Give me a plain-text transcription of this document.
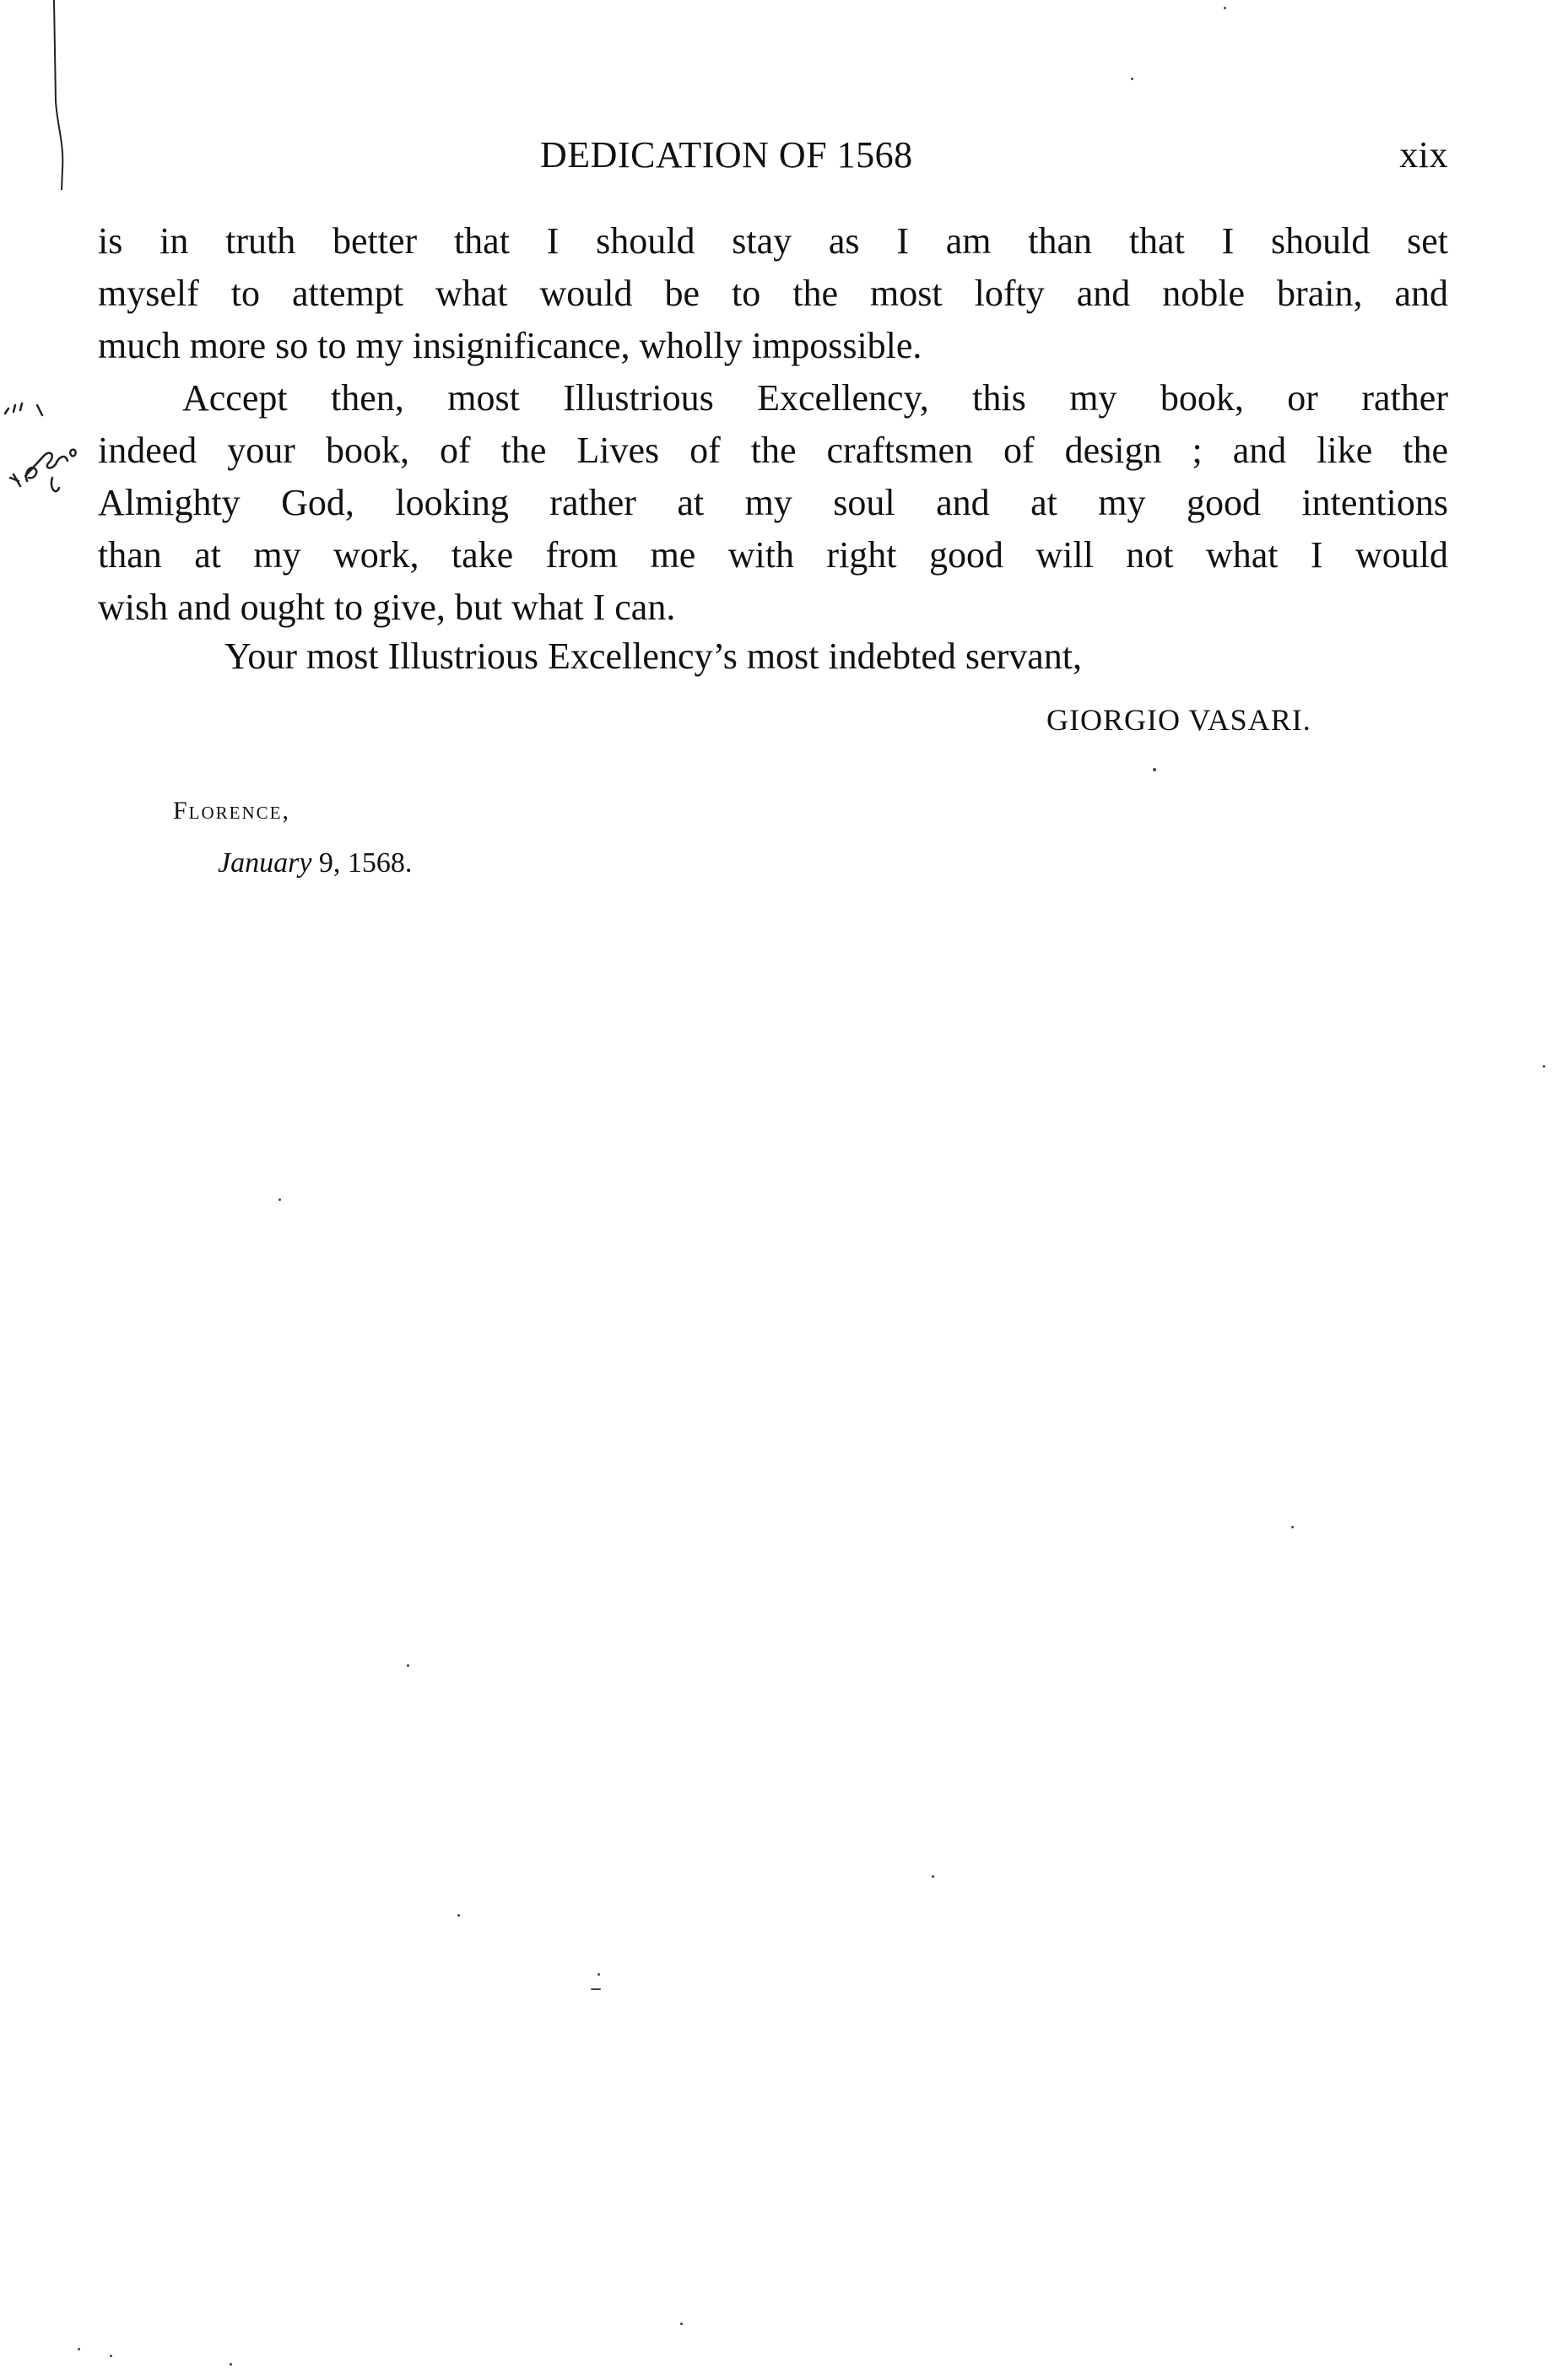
DEDICATION OF 1568	xix
is in truth better that I should stay as I am than that I should set
myself to attempt what would be to the most lofty and noble brain, and
much more so to my insignificance, wholly impossible.
Accept then, most Illustrious Excellency, this my book, or rather
indeed your book, of the Lives of the craftsmen of design ; and like the
Almighty God, looking rather at my soul and at my good intentions
than at my work, take from me with right good will not what I would
wish and ought to give, but what I can.
Your most Illustrious Excellency’s most indebted servant,
GIORGIO VASARI.
Florence,
January 9, 1568.
